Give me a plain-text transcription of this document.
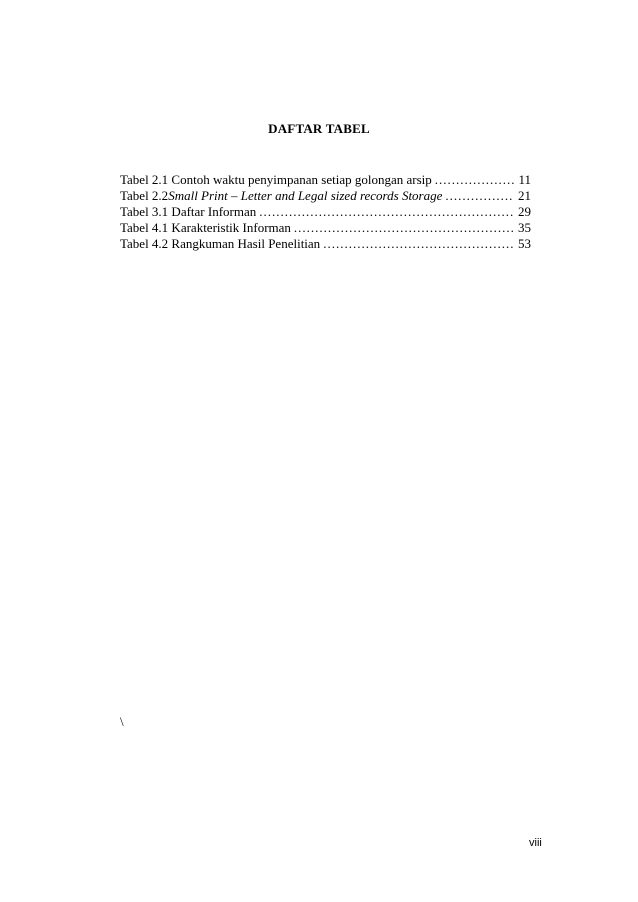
DAFTAR TABEL
Tabel 2.1 Contoh waktu penyimpanan setiap golongan arsip .....	11
Tabel 2.2Small Print – Letter and Legal sized records Storage .....	21
Tabel 3.1 Daftar Informan .....	29
Tabel 4.1 Karakteristik Informan .....	35
Tabel 4.2 Rangkuman Hasil Penelitian .....	53
\
viii
